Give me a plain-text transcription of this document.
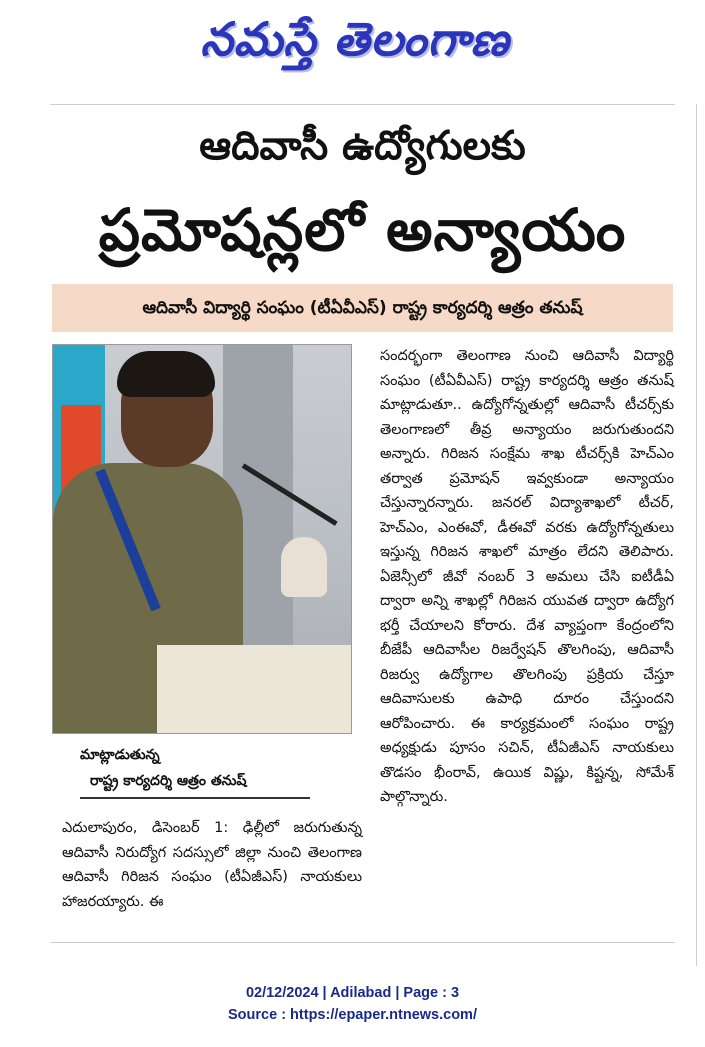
నమస్తే తెలంగాణ
ఆదివాసీ ఉద్యోగులకు
ప్రమోషన్లలో అన్యాయం
ఆదివాసీ విద్యార్థి సంఘం (టీఏవీఎస్) రాష్ట్ర కార్యదర్శి ఆత్రం తనుష్
మాట్లాడుతున్న
రాష్ట్ర కార్యదర్శి ఆత్రం తనుష్

సందర్భంగా తెలంగాణ నుంచి ఆదివాసీ విద్యార్థి సంఘం (టీఏవీఎస్) రాష్ట్ర కార్యదర్శి ఆత్రం తనుష్ మాట్లాడుతూ.. ఉద్యోగోన్నతుల్లో ఆదివాసీ టీచర్స్‌కు తెలంగాణలో తీవ్ర అన్యాయం జరుగుతుందని అన్నారు. గిరిజన సంక్షేమ శాఖ టీచర్స్‌కి హెచ్‌ఎం తర్వాత ప్రమోషన్ ఇవ్వకుండా అన్యాయం చేస్తున్నారన్నారు. జనరల్ విద్యాశాఖలో టీచర్, హెచ్‌ఎం, ఎంఈవో, డీఈవో వరకు ఉద్యోగోన్నతులు ఇస్తున్న గిరిజన శాఖలో మాత్రం లేదని తెలిపారు. ఏజెన్సీలో జీవో నంబర్ 3 అమలు చేసి ఐటీడీఏ ద్వారా అన్ని శాఖల్లో గిరిజన యువత ద్వారా ఉద్యోగ భర్తీ చేయాలని కోరారు. దేశ వ్యాప్తంగా కేంద్రంలోని బీజేపీ ఆదివాసీల రిజర్వేషన్ తొలగింపు, ఆదివాసీ రిజర్వు ఉద్యోగాల తొలగింపు ప్రక్రియ చేస్తూ ఆదివాసులకు ఉపాధి దూరం చేస్తుందని ఆరోపించారు. ఈ కార్యక్రమంలో సంఘం రాష్ట్ర అధ్యక్షుడు పూసం సచిన్, టీఏజీఎస్ నాయకులు తొడసం భీంరావ్, ఉయిక విష్ణు, కిష్టన్న, సోమేశ్ పాల్గొన్నారు.

ఎదులాపురం, డిసెంబర్ 1: ఢిల్లీలో జరుగుతున్న ఆదివాసీ నిరుద్యోగ సదస్సులో జిల్లా నుంచి తెలంగాణ ఆదివాసీ గిరిజన సంఘం (టీఏజీఎస్) నాయకులు హాజరయ్యారు. ఈ

02/12/2024 | Adilabad | Page : 3
Source : https://epaper.ntnews.com/
